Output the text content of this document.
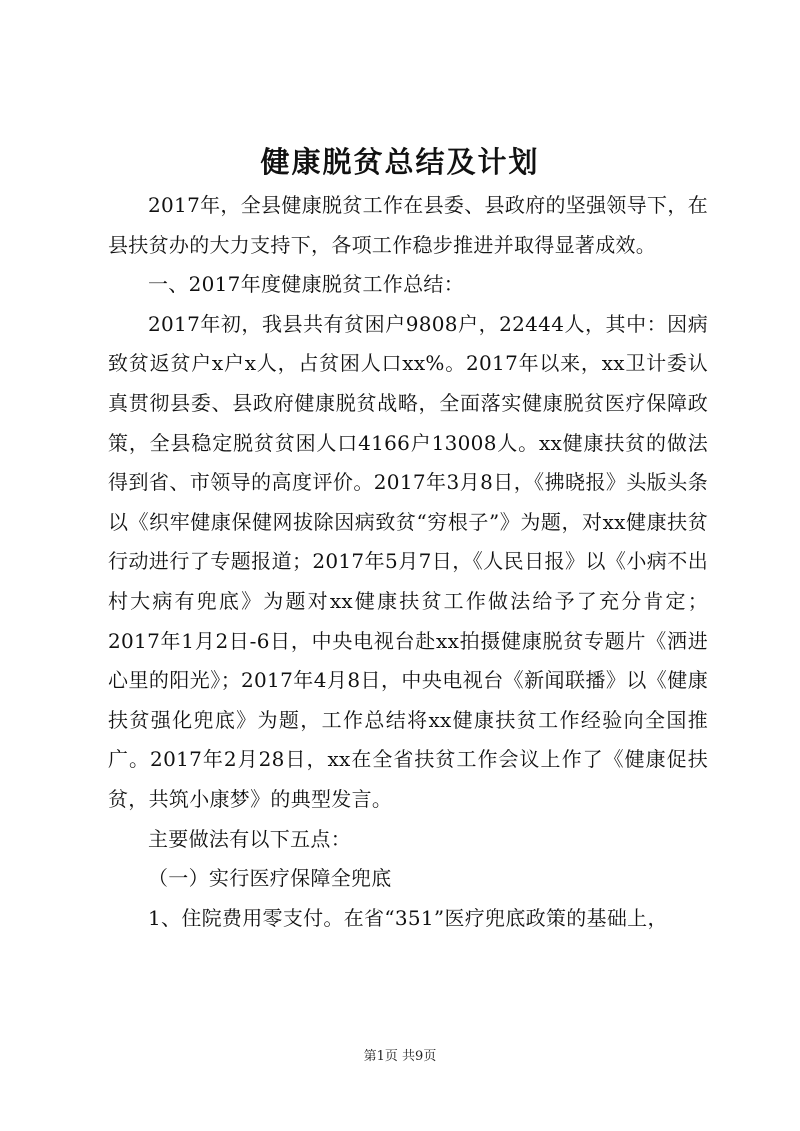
健康脱贫总结及计划

2017年，全县健康脱贫工作在县委、县政府的坚强领导下，在县扶贫办的大力支持下，各项工作稳步推进并取得显著成效。

一、2017年度健康脱贫工作总结：

2017年初，我县共有贫困户9808户，22444人，其中：因病致贫返贫户x户x人，占贫困人口xx%。2017年以来，xx卫计委认真贯彻县委、县政府健康脱贫战略，全面落实健康脱贫医疗保障政策，全县稳定脱贫贫困人口4166户13008人。xx健康扶贫的做法得到省、市领导的高度评价。2017年3月8日，《拂晓报》头版头条以《织牢健康保健网拔除因病致贫“穷根子”》为题，对xx健康扶贫行动进行了专题报道；2017年5月7日，《人民日报》以《小病不出村大病有兜底》为题对xx健康扶贫工作做法给予了充分肯定；2017年1月2日-6日，中央电视台赴xx拍摄健康脱贫专题片《洒进心里的阳光》；2017年4月8日，中央电视台《新闻联播》以《健康扶贫强化兜底》为题，工作总结将xx健康扶贫工作经验向全国推广。2017年2月28日，xx在全省扶贫工作会议上作了《健康促扶贫，共筑小康梦》的典型发言。

主要做法有以下五点：

（一）实行医疗保障全兜底

1、住院费用零支付。在省“351”医疗兜底政策的基础上，

第1页 共9页
